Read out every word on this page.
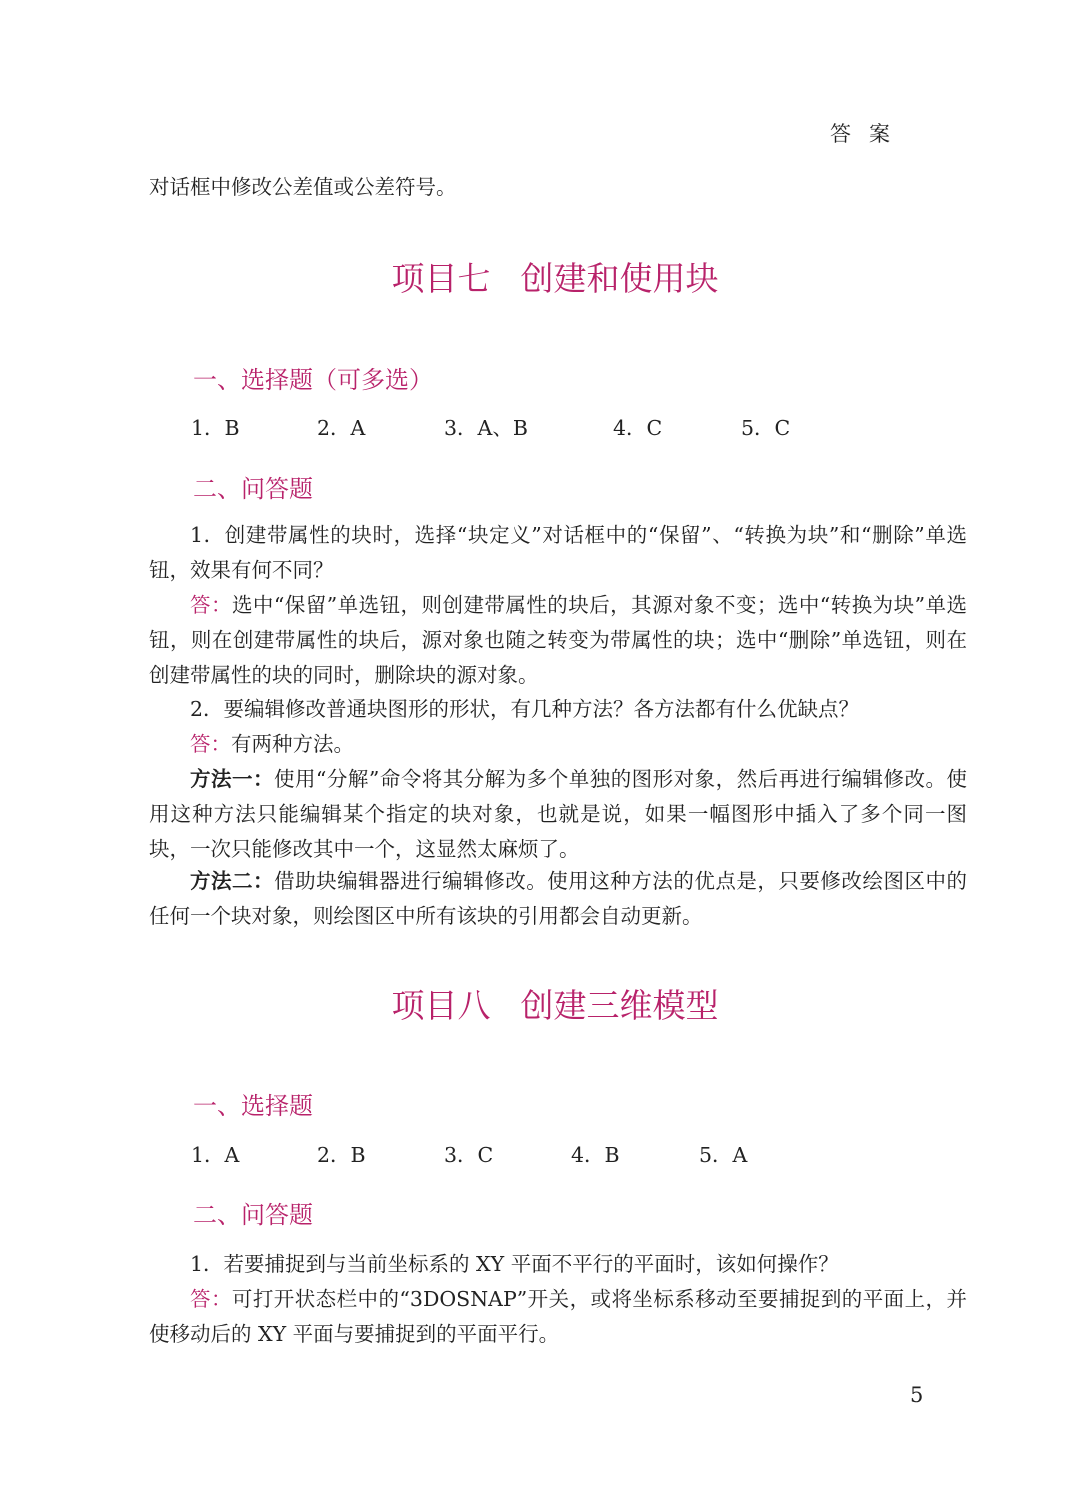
答案
对话框中修改公差值或公差符号。
项目七 创建和使用块
一、选择题（可多选）
1．B	2．A	3．A、B	4．C	5．C
二、问答题
1．创建带属性的块时，选择“块定义”对话框中的“保留”、“转换为块”和“删除”单选钮，效果有何不同？
答：选中“保留”单选钮，则创建带属性的块后，其源对象不变；选中“转换为块”单选钮，则在创建带属性的块后，源对象也随之转变为带属性的块；选中“删除”单选钮，则在创建带属性的块的同时，删除块的源对象。
2．要编辑修改普通块图形的形状，有几种方法？各方法都有什么优缺点？
答：有两种方法。
方法一：使用“分解”命令将其分解为多个单独的图形对象，然后再进行编辑修改。使用这种方法只能编辑某个指定的块对象，也就是说，如果一幅图形中插入了多个同一图块，一次只能修改其中一个，这显然太麻烦了。
方法二：借助块编辑器进行编辑修改。使用这种方法的优点是，只要修改绘图区中的任何一个块对象，则绘图区中所有该块的引用都会自动更新。
项目八 创建三维模型
一、选择题
1．A	2．B	3．C	4．B	5．A
二、问答题
1．若要捕捉到与当前坐标系的 XY 平面不平行的平面时，该如何操作？
答：可打开状态栏中的“3DOSNAP”开关，或将坐标系移动至要捕捉到的平面上，并使移动后的 XY 平面与要捕捉到的平面平行。
5
